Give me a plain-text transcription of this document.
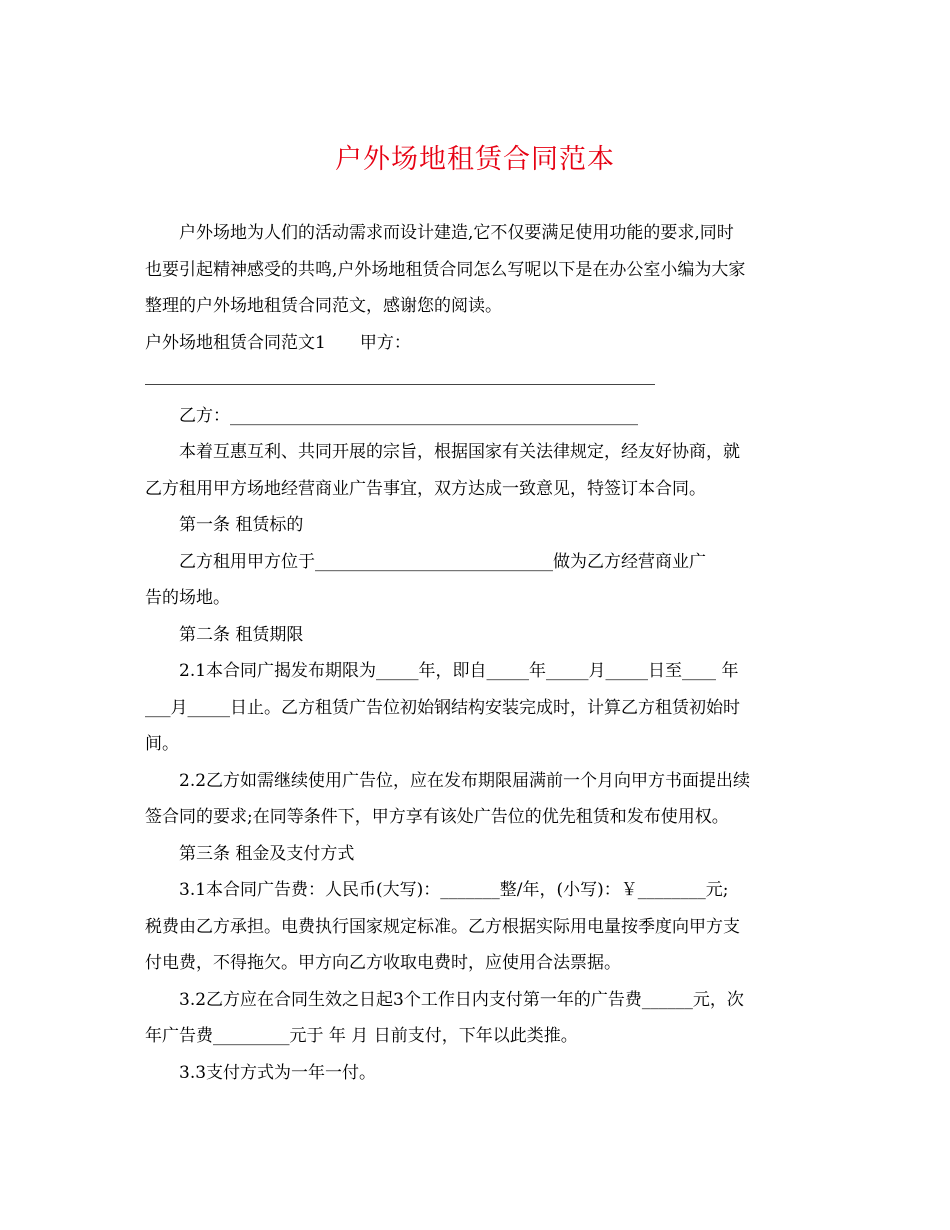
户外场地租赁合同范本
户外场地为人们的活动需求而设计建造,它不仅要满足使用功能的要求,同时
也要引起精神感受的共鸣,户外场地租赁合同怎么写呢以下是在办公室小编为大家
整理的户外场地租赁合同范文，感谢您的阅读。
户外场地租赁合同范文1　　甲方：
乙方：________________________________________________
本着互惠互利、共同开展的宗旨，根据国家有关法律规定，经友好协商，就
乙方租用甲方场地经营商业广告事宜，双方达成一致意见，特签订本合同。
第一条 租赁标的
乙方租用甲方位于____________________________做为乙方经营商业广
告的场地。
第二条 租赁期限
2.1本合同广揭发布期限为_____年，即自_____年_____月_____日至____ 年
___月_____日止。乙方租赁广告位初始钢结构安装完成时，计算乙方租赁初始时
间。
2.2乙方如需继续使用广告位，应在发布期限届满前一个月向甲方书面提出续
签合同的要求;在同等条件下，甲方享有该处广告位的优先租赁和发布使用权。
第三条 租金及支付方式
3.1本合同广告费：人民币(大写)：_______整/年，(小写)：￥________元;
税费由乙方承担。电费执行国家规定标准。乙方根据实际用电量按季度向甲方支
付电费，不得拖欠。甲方向乙方收取电费时，应使用合法票据。
3.2乙方应在合同生效之日起3个工作日内支付第一年的广告费______元，次
年广告费_________元于 年 月 日前支付，下年以此类推。
3.3支付方式为一年一付。
